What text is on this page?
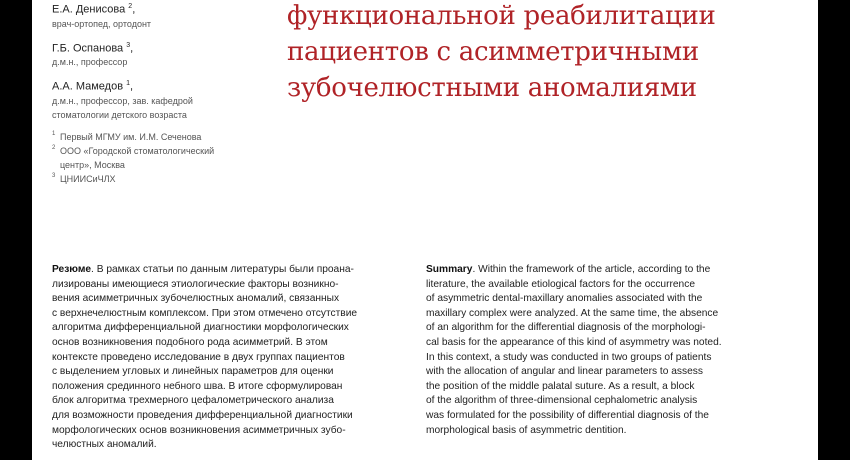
Е.А. Денисова $^2$,
врач-ортопед, ортодонт
Г.Б. Оспанова $^3$,
д.м.н., профессор
А.А. Мамедов $^1$,
д.м.н., профессор, зав. кафедрой
стоматологии детского возраста
1 Первый МГМУ им. И.М. Сеченова
2 ООО «Городской стоматологический
центр», Москва
3 ЦНИИСиЧЛХ
функциональной реабилитации
пациентов с асимметричными
зубочелюстными аномалиями
Резюме. В рамках статьи по данным литературы были проана-
лизированы имеющиеся этиологические факторы возникно-
вения асимметричных зубочелюстных аномалий, связанных
с верхнечелюстным комплексом. При этом отмечено отсутствие
алгоритма дифференциальной диагностики морфологических
основ возникновения подобного рода асимметрий. В этом
контексте проведено исследование в двух группах пациентов
с выделением угловых и линейных параметров для оценки
положения срединного небного шва. В итоге сформулирован
блок алгоритма трехмерного цефалометрического анализа
для возможности проведения дифференциальной диагностики
морфологических основ возникновения асимметричных зубо-
челюстных аномалий.
Summary. Within the framework of the article, according to the
literature, the available etiological factors for the occurrence
of asymmetric dental-maxillary anomalies associated with the
maxillary complex were analyzed. At the same time, the absence
of an algorithm for the differential diagnosis of the morphologi-
cal basis for the appearance of this kind of asymmetry was noted.
In this context, a study was conducted in two groups of patients
with the allocation of angular and linear parameters to assess
the position of the middle palatal suture. As a result, a block
of the algorithm of three-dimensional cephalometric analysis
was formulated for the possibility of differential diagnosis of the
morphological basis of asymmetric dentition.
